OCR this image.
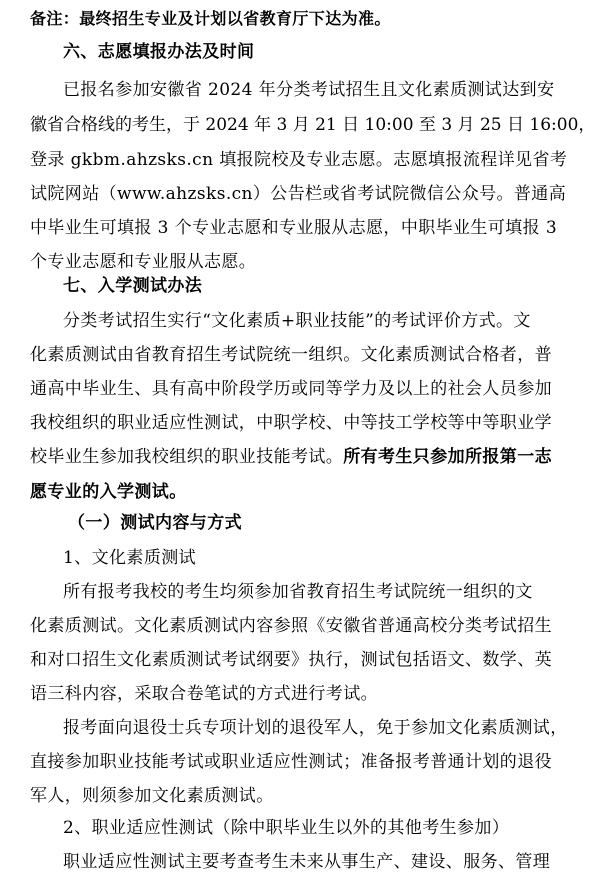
备注：最终招生专业及计划以省教育厅下达为准。
六、志愿填报办法及时间
已报名参加安徽省 2024 年分类考试招生且文化素质测试达到安
徽省合格线的考生，于 2024 年 3 月 21 日 10:00 至 3 月 25 日 16:00，
登录 gkbm.ahzsks.cn 填报院校及专业志愿。志愿填报流程详见省考
试院网站（www.ahzsks.cn）公告栏或省考试院微信公众号。普通高
中毕业生可填报 3 个专业志愿和专业服从志愿，中职毕业生可填报 3
个专业志愿和专业服从志愿。
七、入学测试办法
分类考试招生实行“文化素质+职业技能”的考试评价方式。文
化素质测试由省教育招生考试院统一组织。文化素质测试合格者，普
通高中毕业生、具有高中阶段学历或同等学力及以上的社会人员参加
我校组织的职业适应性测试，中职学校、中等技工学校等中等职业学
校毕业生参加我校组织的职业技能考试。所有考生只参加所报第一志
愿专业的入学测试。
（一）测试内容与方式
1、文化素质测试
所有报考我校的考生均须参加省教育招生考试院统一组织的文
化素质测试。文化素质测试内容参照《安徽省普通高校分类考试招生
和对口招生文化素质测试考试纲要》执行，测试包括语文、数学、英
语三科内容，采取合卷笔试的方式进行考试。
报考面向退役士兵专项计划的退役军人，免于参加文化素质测试，
直接参加职业技能考试或职业适应性测试；准备报考普通计划的退役
军人，则须参加文化素质测试。
2、职业适应性测试（除中职毕业生以外的其他考生参加）
职业适应性测试主要考查考生未来从事生产、建设、服务、管理
